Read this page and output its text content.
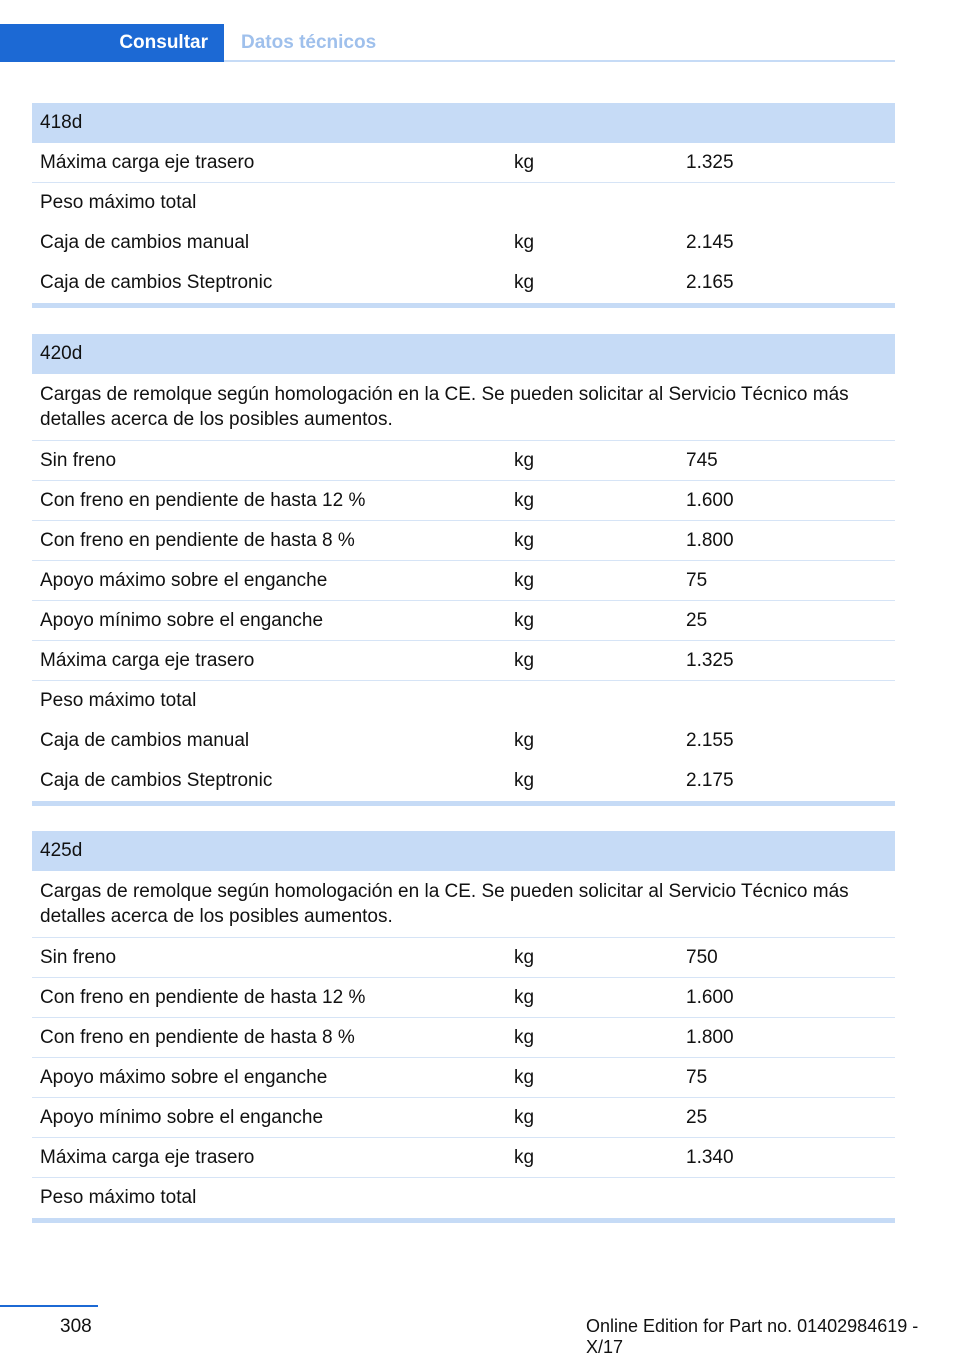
Consultar	Datos técnicos
418d
Máxima carga eje trasero	kg	1.325
Peso máximo total
Caja de cambios manual	kg	2.145
Caja de cambios Steptronic	kg	2.165
420d
Cargas de remolque según homologación en la CE. Se pueden solicitar al Servicio Técnico más detalles acerca de los posibles aumentos.
Sin freno	kg	745
Con freno en pendiente de hasta 12 %	kg	1.600
Con freno en pendiente de hasta 8 %	kg	1.800
Apoyo máximo sobre el enganche	kg	75
Apoyo mínimo sobre el enganche	kg	25
Máxima carga eje trasero	kg	1.325
Peso máximo total
Caja de cambios manual	kg	2.155
Caja de cambios Steptronic	kg	2.175
425d
Cargas de remolque según homologación en la CE. Se pueden solicitar al Servicio Técnico más detalles acerca de los posibles aumentos.
Sin freno	kg	750
Con freno en pendiente de hasta 12 %	kg	1.600
Con freno en pendiente de hasta 8 %	kg	1.800
Apoyo máximo sobre el enganche	kg	75
Apoyo mínimo sobre el enganche	kg	25
Máxima carga eje trasero	kg	1.340
Peso máximo total
308	Online Edition for Part no. 01402984619 - X/17
